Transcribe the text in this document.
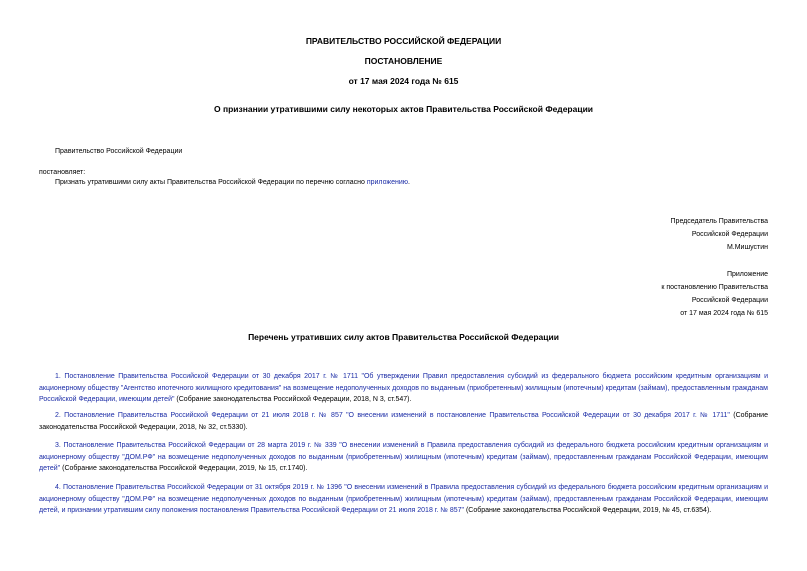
ПРАВИТЕЛЬСТВО РОССИЙСКОЙ ФЕДЕРАЦИИ
ПОСТАНОВЛЕНИЕ
от 17 мая 2024 года № 615
О признании утратившими силу некоторых актов Правительства Российской Федерации
Правительство Российской Федерации
постановляет:
Признать утратившими силу акты Правительства Российской Федерации по перечню согласно приложению.
Председатель Правительства
Российской Федерации
М.Мишустин
Приложение
к постановлению Правительства
Российской Федерации
от 17 мая 2024 года № 615
Перечень утративших силу актов Правительства Российской Федерации
1. Постановление Правительства Российской Федерации от 30 декабря 2017 г. № 1711 "Об утверждении Правил предоставления субсидий из федерального бюджета российским кредитным организациям и акционерному обществу "Агентство ипотечного жилищного кредитования" на возмещение недополученных доходов по выданным (приобретенным) жилищным (ипотечным) кредитам (займам), предоставленным гражданам Российской Федерации, имеющим детей" (Собрание законодательства Российской Федерации, 2018, N 3, ст.547).
2. Постановление Правительства Российской Федерации от 21 июля 2018 г. № 857 "О внесении изменений в постановление Правительства Российской Федерации от 30 декабря 2017 г. № 1711" (Собрание законодательства Российской Федерации, 2018, № 32, ст.5330).
3. Постановление Правительства Российской Федерации от 28 марта 2019 г. № 339 "О внесении изменений в Правила предоставления субсидий из федерального бюджета российским кредитным организациям и акционерному обществу "ДОМ.РФ" на возмещение недополученных доходов по выданным (приобретенным) жилищным (ипотечным) кредитам (займам), предоставленным гражданам Российской Федерации, имеющим детей" (Собрание законодательства Российской Федерации, 2019, № 15, ст.1740).
4. Постановление Правительства Российской Федерации от 31 октября 2019 г. № 1396 "О внесении изменений в Правила предоставления субсидий из федерального бюджета российским кредитным организациям и акционерному обществу "ДОМ.РФ" на возмещение недополученных доходов по выданным (приобретенным) жилищным (ипотечным) кредитам (займам), предоставленным гражданам Российской Федерации, имеющим детей, и признании утратившим силу положения постановления Правительства Российской Федерации от 21 июля 2018 г. № 857" (Собрание законодательства Российской Федерации, 2019, № 45, ст.6354).
